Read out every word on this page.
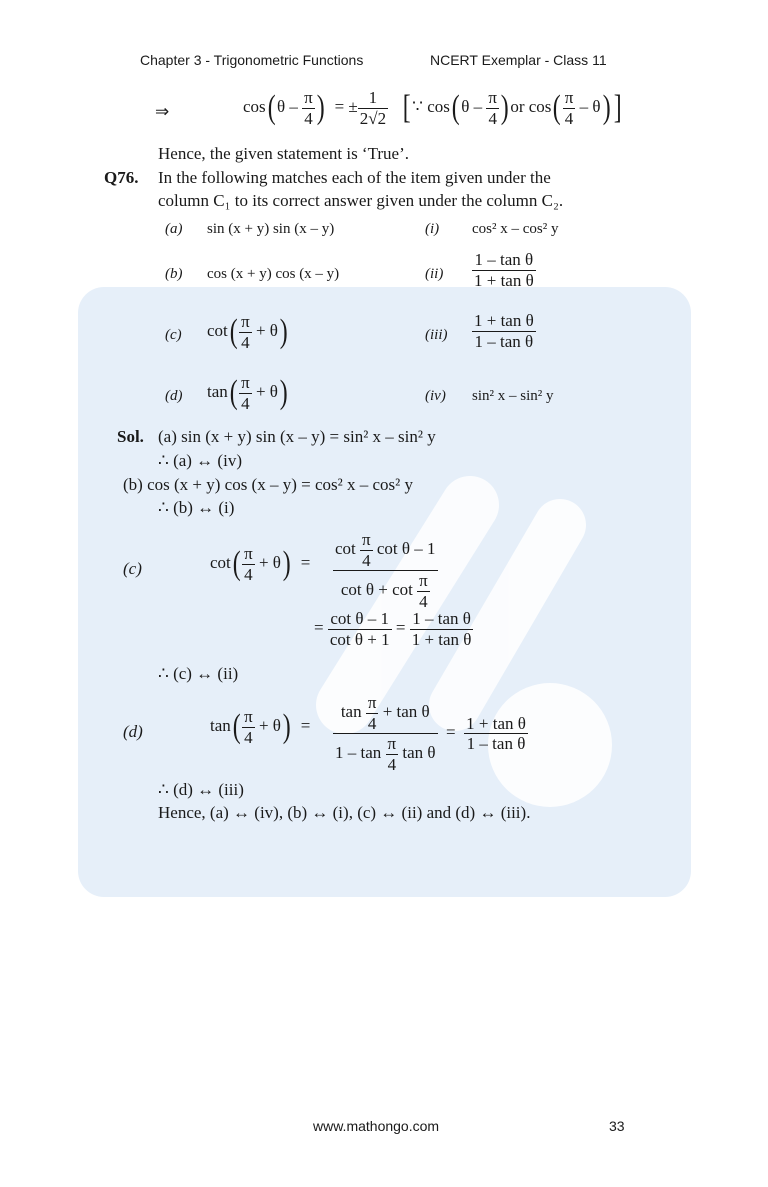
Chapter 3 - Trigonometric Functions	NCERT Exemplar - Class 11
⇒	$\cos(\theta - \frac{\pi}{4}$ )  = ± $\frac{1}{2√2}$ [∵ $\cos(\theta - \frac{\pi}{4} )or$ $\cos( \frac{\pi}{4} - \theta)$]
Hence, the given statement is ‘True’.
Q76. In the following matches each of the item given under the
column C₁ to its correct answer given under the column C₂.
(a) sin (x + y) sin (x – y)	(i) cos² x – cos² y
(b) cos (x + y) cos (x – y)	$(ii) \frac{\text{1 – tan θ}}{\text{1 + tan θ}}$
(c) $\cot( \frac{\pi}{4} + \theta)$	$(iii) \frac{\text{1 + tan θ}}{\text{1 – tan θ}}$
(d) $\tan( \frac{\pi}{4} + \theta)$	(iv) sin² x – sin² y
Sol. (a) sin (x + y) sin (x – y) = sin² x – sin² y
∴ (a) ↔ (iv)
(b) cos (x + y) cos (x – y) = cos² x – cos² y
∴ (b) ↔ (i)
(c)	$\cot( \frac{\pi}{4} + \theta) = \frac{\cot \frac{\pi}{4} \cot \theta - 1}{\cot \theta + \cot \frac{\pi}{4}}$
= $\frac{\text{cot θ – 1}}{\text{cot θ + 1}} = \frac{\text{1 – tan θ}}{\text{1 + tan θ}}$
∴ (c) ↔ (ii)
(d)	$\tan( \frac{\pi}{4} + \theta) = \frac{\tan \frac{\pi}{4} + \tan \theta}{1 - \tan \frac{\pi}{4} \tan \theta} = \frac{\text{1 + tan θ}}{\text{1 – tan θ}}$
∴ (d) ↔ (iii)
Hence, (a) ↔ (iv), (b) ↔ (i), (c) ↔ (ii) and (d) ↔ (iii).
www.mathongo.com	33
